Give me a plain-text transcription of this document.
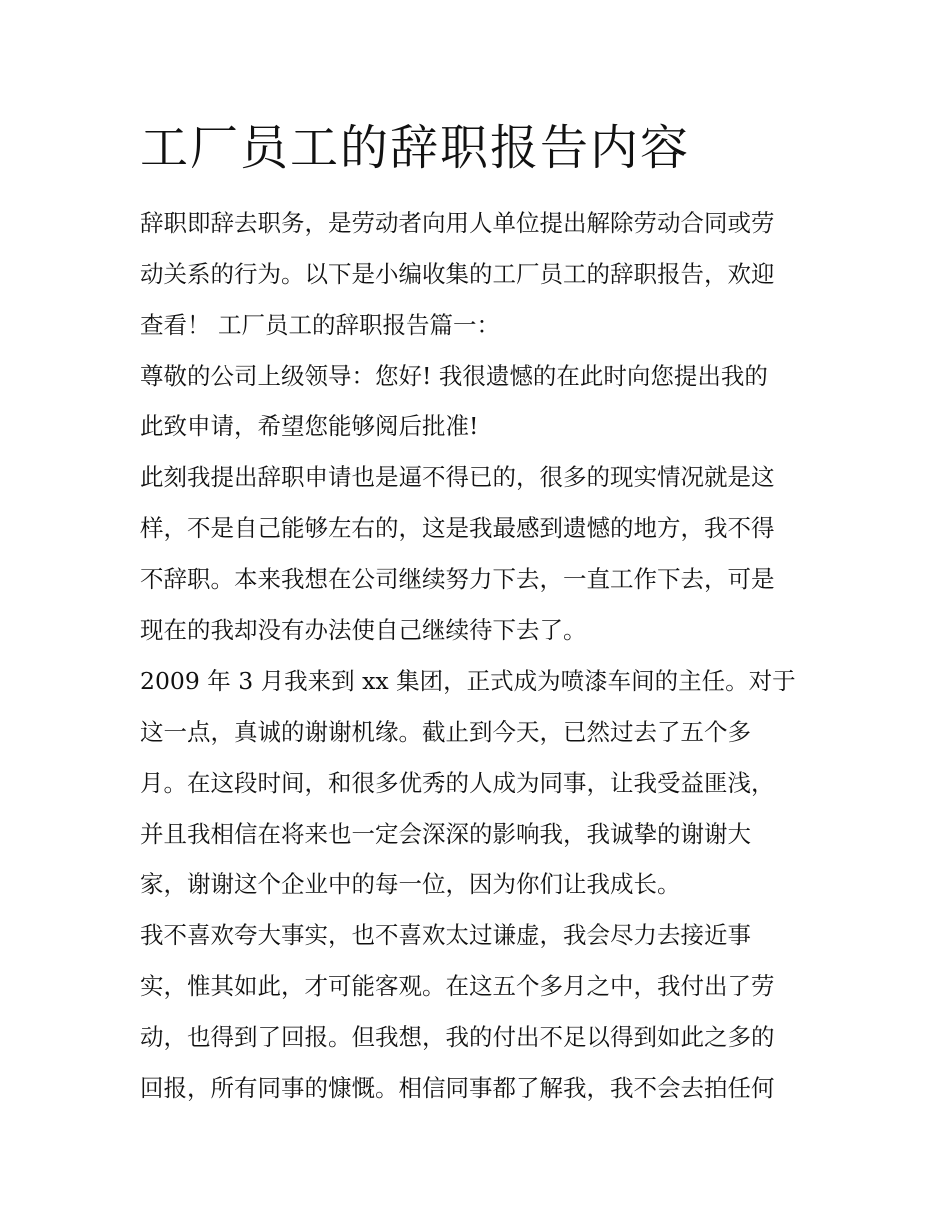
工厂员工的辞职报告内容

辞职即辞去职务，是劳动者向用人单位提出解除劳动合同或劳

动关系的行为。以下是小编收集的工厂员工的辞职报告，欢迎

查看！ 工厂员工的辞职报告篇一：

尊敬的公司上级领导：您好! 我很遗憾的在此时向您提出我的

此致申请，希望您能够阅后批准!

此刻我提出辞职申请也是逼不得已的，很多的现实情况就是这

样，不是自己能够左右的，这是我最感到遗憾的地方，我不得

不辞职。本来我想在公司继续努力下去，一直工作下去，可是

现在的我却没有办法使自己继续待下去了。

2009 年 3 月我来到 xx 集团，正式成为喷漆车间的主任。对于

这一点，真诚的谢谢机缘。截止到今天，已然过去了五个多

月。在这段时间，和很多优秀的人成为同事，让我受益匪浅，

并且我相信在将来也一定会深深的影响我，我诚挚的谢谢大

家，谢谢这个企业中的每一位，因为你们让我成长。

我不喜欢夸大事实，也不喜欢太过谦虚，我会尽力去接近事

实，惟其如此，才可能客观。在这五个多月之中，我付出了劳

动，也得到了回报。但我想，我的付出不足以得到如此之多的

回报，所有同事的慷慨。相信同事都了解我，我不会去拍任何
